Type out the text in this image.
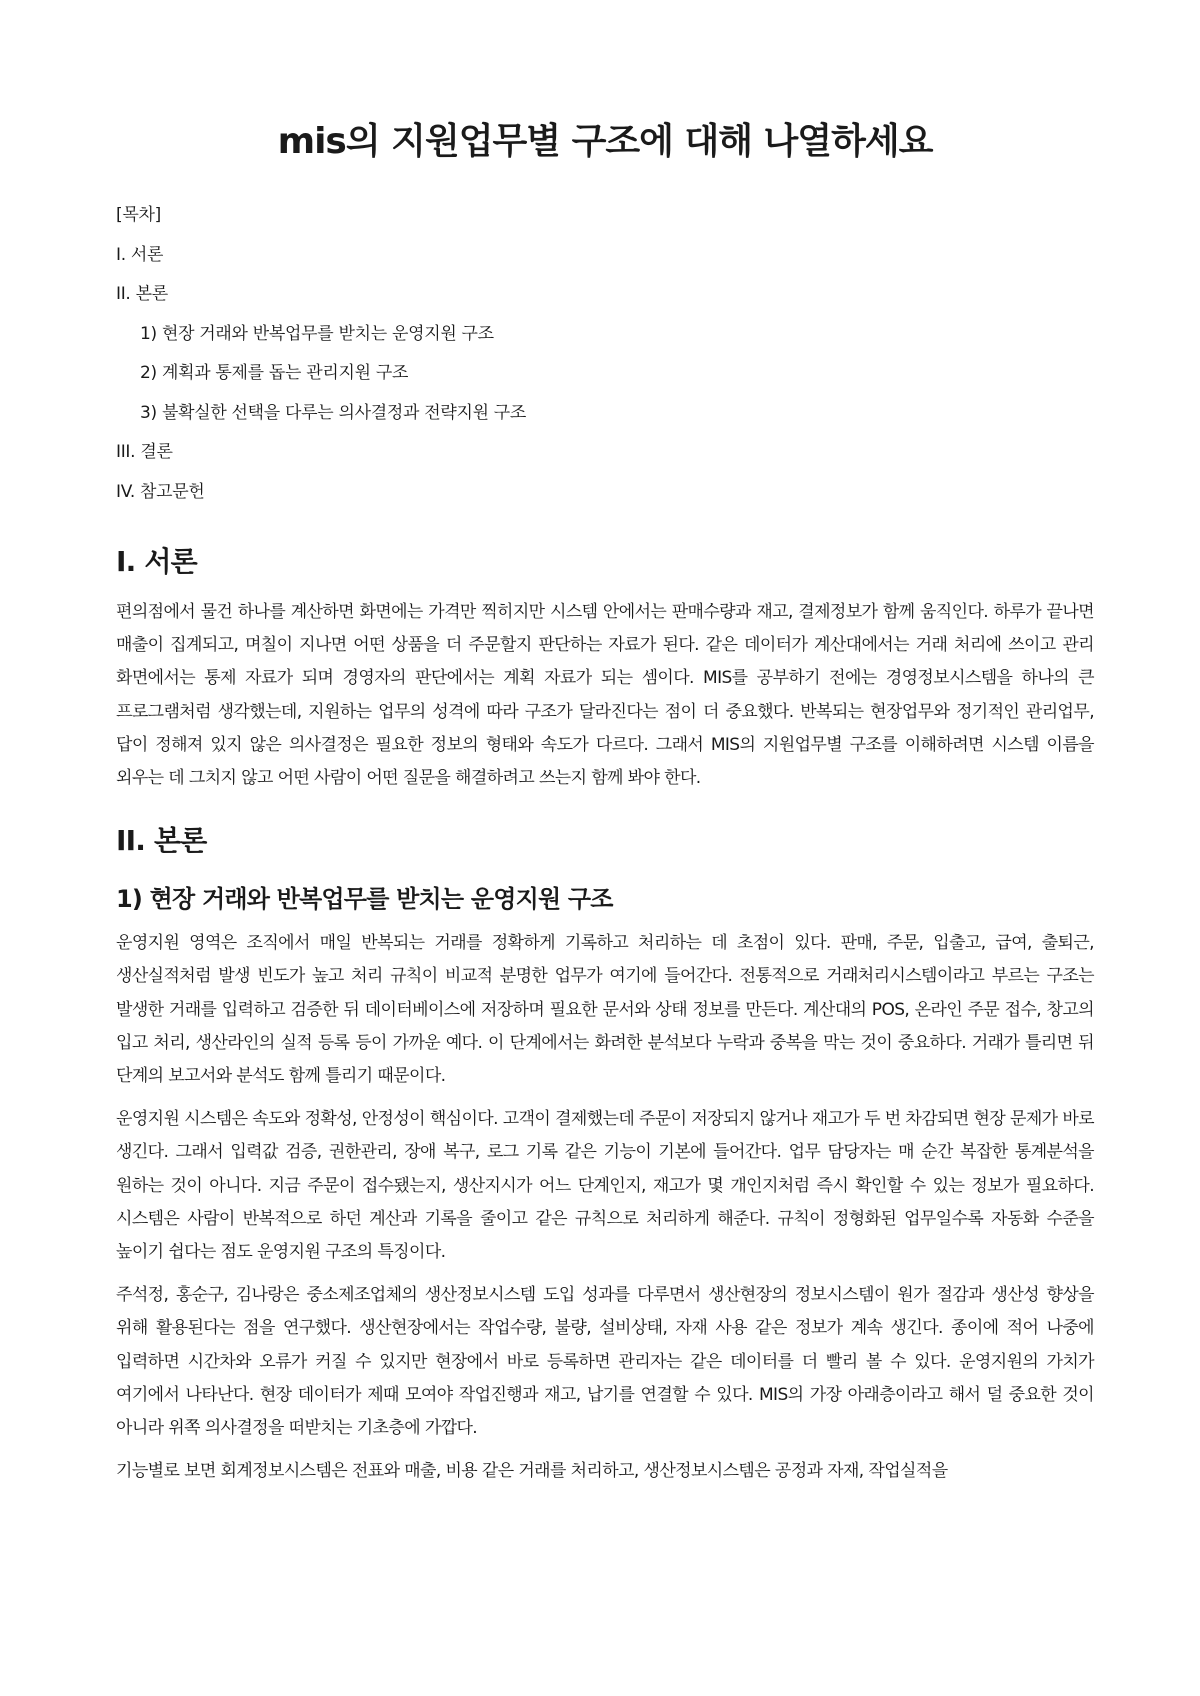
mis의 지원업무별 구조에 대해 나열하세요
[목차]
I. 서론
II. 본론
1) 현장 거래와 반복업무를 받치는 운영지원 구조
2) 계획과 통제를 돕는 관리지원 구조
3) 불확실한 선택을 다루는 의사결정과 전략지원 구조
III. 결론
IV. 참고문헌
I. 서론

편의점에서 물건 하나를 계산하면 화면에는 가격만 찍히지만 시스템 안에서는 판매수량과 재고, 결제정보가 함께 움직인다. 하루가 끝나면 매출이 집계되고, 며칠이 지나면 어떤 상품을 더 주문할지 판단하는 자료가 된다. 같은 데이터가 계산대에서는 거래 처리에 쓰이고 관리 화면에서는 통제 자료가 되며 경영자의 판단에서는 계획 자료가 되는 셈이다. MIS를 공부하기 전에는 경영정보시스템을 하나의 큰 프로그램처럼 생각했는데, 지원하는 업무의 성격에 따라 구조가 달라진다는 점이 더 중요했다. 반복되는 현장업무와 정기적인 관리업무, 답이 정해져 있지 않은 의사결정은 필요한 정보의 형태와 속도가 다르다. 그래서 MIS의 지원업무별 구조를 이해하려면 시스템 이름을 외우는 데 그치지 않고 어떤 사람이 어떤 질문을 해결하려고 쓰는지 함께 봐야 한다.

II. 본론
1) 현장 거래와 반복업무를 받치는 운영지원 구조

운영지원 영역은 조직에서 매일 반복되는 거래를 정확하게 기록하고 처리하는 데 초점이 있다. 판매, 주문, 입출고, 급여, 출퇴근, 생산실적처럼 발생 빈도가 높고 처리 규칙이 비교적 분명한 업무가 여기에 들어간다. 전통적으로 거래처리시스템이라고 부르는 구조는 발생한 거래를 입력하고 검증한 뒤 데이터베이스에 저장하며 필요한 문서와 상태 정보를 만든다. 계산대의 POS, 온라인 주문 접수, 창고의 입고 처리, 생산라인의 실적 등록 등이 가까운 예다. 이 단계에서는 화려한 분석보다 누락과 중복을 막는 것이 중요하다. 거래가 틀리면 뒤 단계의 보고서와 분석도 함께 틀리기 때문이다.

운영지원 시스템은 속도와 정확성, 안정성이 핵심이다. 고객이 결제했는데 주문이 저장되지 않거나 재고가 두 번 차감되면 현장 문제가 바로 생긴다. 그래서 입력값 검증, 권한관리, 장애 복구, 로그 기록 같은 기능이 기본에 들어간다. 업무 담당자는 매 순간 복잡한 통계분석을 원하는 것이 아니다. 지금 주문이 접수됐는지, 생산지시가 어느 단계인지, 재고가 몇 개인지처럼 즉시 확인할 수 있는 정보가 필요하다. 시스템은 사람이 반복적으로 하던 계산과 기록을 줄이고 같은 규칙으로 처리하게 해준다. 규칙이 정형화된 업무일수록 자동화 수준을 높이기 쉽다는 점도 운영지원 구조의 특징이다.

주석정, 홍순구, 김나랑은 중소제조업체의 생산정보시스템 도입 성과를 다루면서 생산현장의 정보시스템이 원가 절감과 생산성 향상을 위해 활용된다는 점을 연구했다. 생산현장에서는 작업수량, 불량, 설비상태, 자재 사용 같은 정보가 계속 생긴다. 종이에 적어 나중에 입력하면 시간차와 오류가 커질 수 있지만 현장에서 바로 등록하면 관리자는 같은 데이터를 더 빨리 볼 수 있다. 운영지원의 가치가 여기에서 나타난다. 현장 데이터가 제때 모여야 작업진행과 재고, 납기를 연결할 수 있다. MIS의 가장 아래층이라고 해서 덜 중요한 것이 아니라 위쪽 의사결정을 떠받치는 기초층에 가깝다.

기능별로 보면 회계정보시스템은 전표와 매출, 비용 같은 거래를 처리하고, 생산정보시스템은 공정과 자재, 작업실적을
